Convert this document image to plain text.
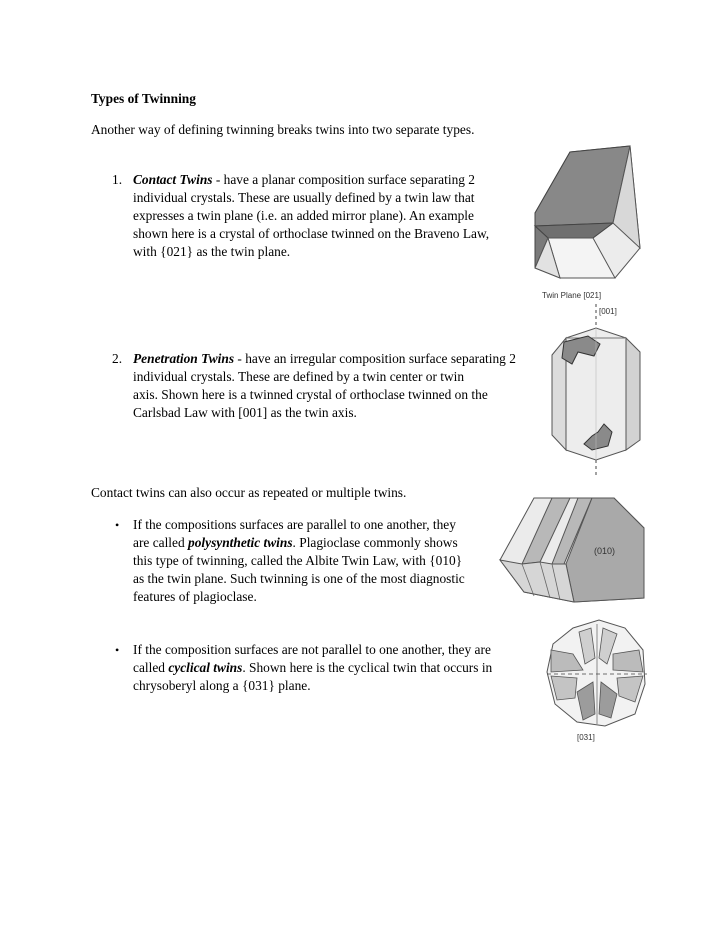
Types of Twinning
Another way of defining twinning breaks twins into two separate types.
1. Contact Twins - have a planar composition surface separating 2
individual crystals. These are usually defined by a twin law that
expresses a twin plane (i.e. an added mirror plane). An example
shown here is a crystal of orthoclase twinned on the Braveno Law,
with {021} as the twin plane.
Twin Plane [021]
2. Penetration Twins - have an irregular composition surface separating 2
individual crystals. These are defined by a twin center or twin
axis. Shown here is a twinned crystal of orthoclase twinned on the
Carlsbad Law with [001] as the twin axis.
[001]
Contact twins can also occur as repeated or multiple twins.
• If the compositions surfaces are parallel to one another, they
are called polysynthetic twins. Plagioclase commonly shows
this type of twinning, called the Albite Twin Law, with {010}
as the twin plane. Such twinning is one of the most diagnostic
features of plagioclase.
(010)
• If the composition surfaces are not parallel to one another, they are
called cyclical twins. Shown here is the cyclical twin that occurs in
chrysoberyl along a {031} plane.
[031]
